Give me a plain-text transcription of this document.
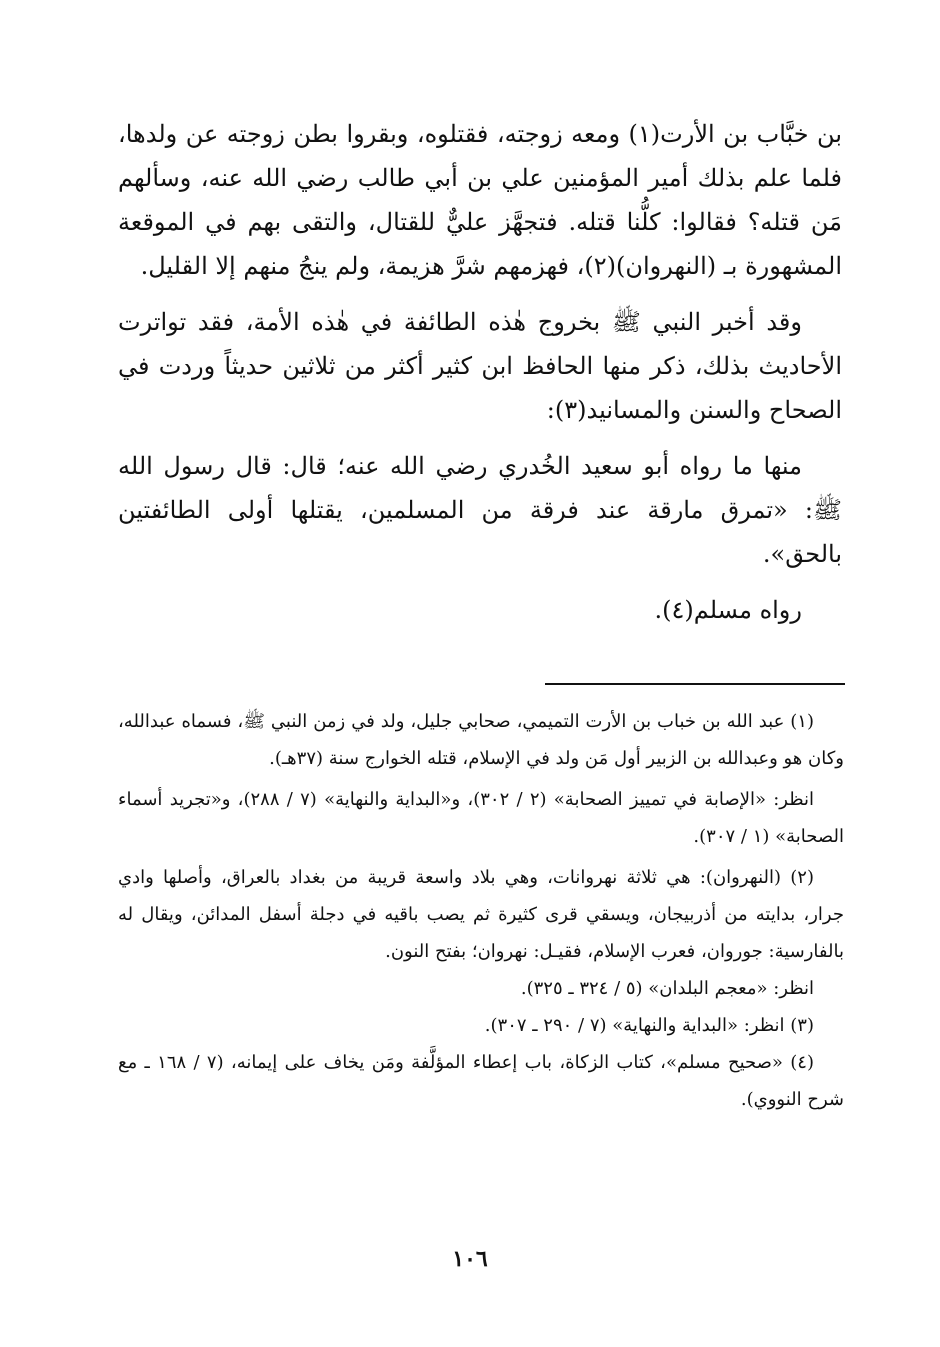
بن خبَّاب بن الأرت(١) ومعه زوجته، فقتلوه، وبقروا بطن زوجته عن ولدها، فلما علم بذلك أمير المؤمنين علي بن أبي طالب رضي الله عنه، وسألهم مَن قتله؟ فقالوا: كلُّنا قتله. فتجهَّز عليٌّ للقتال، والتقى بهم في الموقعة المشهورة بـ (النهروان)(٢)، فهزمهم شرَّ هزيمة، ولم ينجُ منهم إلا القليل.

وقد أخبر النبي ﷺ بخروج هٰذه الطائفة في هٰذه الأمة، فقد تواترت الأحاديث بذلك، ذكر منها الحافظ ابن كثير أكثر من ثلاثين حديثاً وردت في الصحاح والسنن والمسانيد(٣):

منها ما رواه أبو سعيد الخُدري رضي الله عنه؛ قال: قال رسول الله ﷺ: «تمرق مارقة عند فرقة من المسلمين، يقتلها أولى الطائفتين بالحق».

رواه مسلم(٤).

(١) عبد الله بن خباب بن الأرت التميمي، صحابي جليل، ولد في زمن النبي ﷺ، فسماه عبدالله، وكان هو وعبدالله بن الزبير أول مَن ولد في الإسلام، قتله الخوارج سنة (٣٧هـ).

انظر: «الإصابة في تمييز الصحابة» (٢ / ٣٠٢)، و«البداية والنهاية» (٧ / ٢٨٨)، و«تجريد أسماء الصحابة» (١ / ٣٠٧).

(٢) (النهروان): هي ثلاثة نهروانات، وهي بلاد واسعة قريبة من بغداد بالعراق، وأصلها وادي جرار، بدايته من أذربيجان، ويسقي قرى كثيرة ثم يصب باقيه في دجلة أسفل المدائن، ويقال له بالفارسية: جوروان، فعرب الإسلام، فقيـل: نهروان؛ بفتح النون.

انظر: «معجم البلدان» (٥ / ٣٢٤ ـ ٣٢٥).

(٣) انظر: «البداية والنهاية» (٧ / ٢٩٠ ـ ٣٠٧).

(٤) «صحيح مسلم»، كتاب الزكاة، باب إعطاء المؤلَّفة ومَن يخاف على إيمانه، (٧ / ١٦٨ ـ مع شرح النووي).

١٠٦
